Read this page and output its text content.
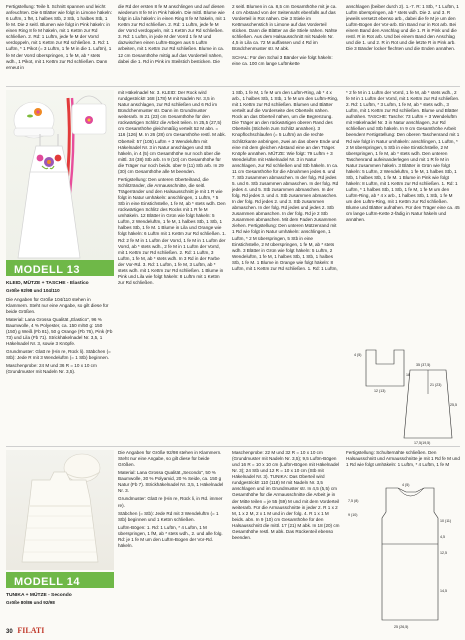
Fertigstellung: Teile lt. Schnitt spannen und leicht anfeuchten. Die 6 Blätter wie folgt in Limone häkeln: 6 Luftm, 1 fM, 1 halbes Stb, 2 Stb, 1 halbes Stb, 1 fe M. Die 2 seitl. Blumen wie folgt in Pink häkeln: in einen Ring 8 fe M häkeln, mit 1 Kettm zur Rd schließen. 2. Rd: 1 Luftm, jede fe M der Vorrd verdoppeln, mit 1 Kettm zur Rd schließen. 3. Rd: 1 Luftm, * 1 Pikot (= 3 Luftm, 1 fe M in die 1. Luftm), 1 fe M der Vorrd überspringen, 1 fe M, ab * stets wdh., 1 Pikot, mit 1 Kettm zur Rd schließen. Dann erneut in

die Rd der ersten 8 fe M anschlingen und auf diesen wiederum 8 fe M in Pink häkeln. Die mittl. Blume wie folgt in Lila häkeln: in einen Ring 8 fe M häkeln, mit 1 Kettm zur Rd schließen. 2. Rd: 1 Luftm, jede fe M der Vorrd verdoppeln, mit 1 Kettm zur Rd schließen. 3. Rd: 1 Luftm, in jede M der Vorrd 1 fe M und dazwischen einen Luftm-Bogen aus 5 Luftm arbeiten, mit 1 Kettm zur Rd schließen. Blume in ca. 12 cm Gesamthöhe mittig auf das Vorderteil nähen, dabei die 1. Rd in Pink im Steilstich besticken. Die

2 seitl. Blumen in ca. 8,5 cm Gesamthöhe mit je ca. 4 cm Abstand von der Seitennaht ebenfalls auf das Vorderteil in Rot nähen. Die 3 Stiele im Kettmaschenstich in Limone auf das Vorderteil sticken. Dann die Blätter an die Stiele nähen. Nähte schließen. Aus dem Halsausschnitt mit Nadeln Nr. 4,5 in Lila ca. 72 M auffassen und 4 Rd im Bündchenmuster str. M abk.

SCHAL: Für den Schal 3 Bänder wie folgt häkeln: eine ca. 100 cm lange Luftmkette

anschlagen (beiber durch 2). 1.-7. R: 1 Stb, * 1 Luftm, 1 Luftm überspringen, ab * stets wdh. Die 2. und 3. R jeweils versetzt ebenso arb., dabei die fe M je um den Luftm-Bogen der Vor-arb. Ein Band nur in Rot arb. Bei einem Band den Anschlag und die 1. R in Pink und die restl. R in Rot arb. Und bei einem Band den Anschlag und die 1. und 2. R in Rot und die letzte R in Pink arb. Die 3 Bänder locker flechten und die Enden annähen.

MODELL 13
KLEID, MÜTZE + TASCHE - Elastico

Größe 92/98 und 104/110

Die Angaben für Größe 104/110 stehen in Klammern. Steht nur eine Angabe, so gilt diese für beide Größen.

Material: Lana Grossa Qualität „Elastico", 96 % Baumwolle, 4 % Polyester, ca. 150 m/50 g: 150 (150) g Weiß (Fb 81), 50 g Orange (Fb 76), Pink (Fb 73) und Lila (Fb 71). Strickhäkelnadel Nr. 3,5, 1 Häkelnadel Nr. 3, sowie 3 Knöpfe.

Grundmuster: Glatt re (Hin re, Rück li). Stäbchen (= Stb): Jede R mit 3 Wendeluftm (= 1 Stb) beginnen.

Maschenprobe: 24 M und 36 R = 10 x 10 cm (Grundmuster mit Nadeln Nr. 3,5).

mit Häkelnadel Nr. 3. KLEID: Der Rock wird rundgestrickt! 168 (178) M mit Nadeln Nr. 3,5 in Natur anschlagen, zur Rd schließen und 6 Rd im Bündchenmuster str. Dann im Grundmuster weiterarb. In 21 (23) cm Gesamthöhe für den rückwärtigen Schlitz die Arbeit teilen. In 25,5 (27,5) cm Gesamthöhe gleichmäßig verteilt 52 M abn. = 116 (126) M. In 26 (28) cm Gesamthöhe restl. M abk. Oberteil: 57 (105) Luftm + 3 Wendeluftm mit Häkelnadel Nr. 3 in Natur anschlagen und Stb häkeln, in 4 (5) cm Gesamthöhe nur noch über die mittl. 34 (38) Stb arb. In 9 (10) cm Gesamthöhe für die Träger nur noch beids. über 9 (11) Stb arb. In 29 (30) cm Gesamthöhe alle M beenden.

Fertigstellung: Den unteren Oberteilrand, die Schlitzränder, die Armausschnitte, die seitl. Trägerränder und den Halsausschnitt je mit 1 R wie folgt in Natur umhäkeln: anschlingen, 1 Luftm, * 5 Stb in eine Einstichstelle, 1 fe M, ab * stets wdh. Den rückwärtigen Schlitz des Rocks mit 1 R fe M umhäkeln. 12 Blätter in Grün wie folgt häkeln: 5 Luftm, 2 Wendeluftm, 1 fe M, 1 halbes Stb, 1 Stb, 1 halbes Stb, 1 fe M. 1 Blume in Lila und Orange wie folgt häkeln: 6 Luftm mit 1 Kettm zur Rd schließen. 1. Rd: 2 fe M in 1 Luftm der Vorrd, 1 fe M in 1 Luftm der Vorrd, ab * stets wdh., 2 fe M in 1 Luftm der Vorrd, mit 1 Kettm zur Rd schließen. 2. Rd: 1 Luftm, 3 Luftm, 1 fe M, ab * stets wdh. In 3 Rd in der Farbe der Vor-Rd. 3. Rd: 1 Luftm, 1 fe M, 3 Luftm, ab * stets wdh. mit 1 Kettm zur Rd schließen. 1 Blume in Pink und Lila wie folgt häkeln: 8 Luftm mit 1 Kettm zur Rd schließen.

1 Stb, 1 fe M, 1 fe M um den Luftm-Ring, ab * 4 x arb., 1 halbes Stb, 1 Stb, 1 fe M um den Luftm-Ring, mit 1 Kettm zur Rd schließen. Blumen und Blätter verteilt auf die Vorderseite des Oberteils nähen. Rock an das Oberteil nähen, um die Begrenzung. Die Träger an den rückwärtigen oberen Rand des Oberteils (Sticheln zum Schlitz annähen). 3 Knopflochschlaufen (= 5 Luftm) an die rechte Schlitzkante anbringen, zwei an das obere Ende und eine mit dem gleichen Abstand eine an den Träger. Knöpfe annähen. MÜTZE: Wie folgt: 79 Luftm + 3 Wendeluftm mit Häkelnadel Nr. 3 in Natur anschlagen, zur Rd schließen und Stb häkeln. In ca. 11 cm Gesamthöhe für die Abnahmen jedes 6. und 7. Stb zusammen abmaschen. In der folg. Rd jedes 5. und 6. Stb zusammen abmaschen. In der folg. Rd jedes 4. und 5. Stb zusammen abmaschen. In der folg. Rd jedes 3. und 4. Stb zusammen abmaschen. In der folg. Rd jedes 2. und 3. Stb zusammen abmaschen. In der folg. Rd jedes und jedes 2. Stb zusammen abmaschen. In der folg. Rd je 2 Stb zusammen abmaschen. Mit dem Faden zusammen ziehen. Fertigstellung: Den unteren Mützenrand mit 1 Rd wie folgt in Natur umhäkeln: anschlingen, 1 Luftm, * 2 M überspringen, 5 Stb in eine Einstichstelle, 2 M überspringen, 1 fe M, ab * stets wdh. 3 Blätter in Grün wie folgt häkeln: 5 Luftm, 2 Wendeluftm, 1 fe M, 1 halbes Stb, 1 Stb, 1 halbes Stb, 1 fe M. 1 Blume in Orange wie folgt häkeln: 8 Luftm, mit 1 Kettm zur Rd schließen. 1. Rd: 1 Luftm,

* 2 fe M in 1 Luftm der Vorrd, 1 fe M, ab * stets wdh., 2 fe M in 1 Luftm der Vorrd, mit 1 Kettm zur Rd schließen. 2. Rd: 1 Luftm, * 3 Luftm, 1 fe M, ab * stets wdh., 3 Luftm, mit 1 Kettm zur Rd schließen. Blume und Blätter aufnähen. TASCHE: Tasche: 73 Luftm + 3 Wendeluftm mit Häkelnadel Nr. 3 in Natur anschlagen, zur Rd schließen und Stb häkeln. In 9 cm Gesamthöhe Arbeit beenden! Fertigstellung: Den oberen Taschenrand mit 1 Rd wie folgt in Natur umhäkeln: anschlingen, 1 Luftm, * 2 M überspringen, 5 Stb in eine Einstichstelle, 2 M überspringen, 1 fe M, ab * stets wdh. Den unteren Taschenrand aufeinanderlegen und mit 1 R fe M in Natur zusammen häkeln. 3 Blätter in Grün wie folgt häkeln: 5 Luftm, 2 Wendeluftm, 1 fe M, 1 halbes Stb, 1 Stb, 1 halbes Stb, 1 fe M. 1 Blume in Pink wie folgt häkeln: 8 Luftm, mit 1 Kettm zur Rd schließen. 1. Rd: 1 Luftm, * 1 halbes Stb, 1 Stb, 1 fe M, 1 fe M um den Luftm-Ring, ab * 4 x arb., 1 halbes Stb, 1 Stb, 1 fe M um den Luftm-Ring, mit 1 Kettm zur Rd schließen. Blume und Blätter aufnähen. Für den Träger eine ca. 45 cm lange Luftm-Kette 2-fädig in Natur häkeln und annähen.

12 (13)
4 (5)
18
25,5
21 (23)
17,5(19,5)
35 (37,5)
MODELL 14
TUNIKA + MÜTZE - Secondo

Größe 80/86 und 92/98

Die Angaben für Größe 92/98 stehen in Klammern. Steht nur eine Angabe, so gilt diese für beide Größen.

Material: Lana Grossa Qualität „Secondo", 50 % Baumwolle, 30 % Polyamid, 20 % Seide, ca. 150 g Natur (Fb 7). Strickhäkelnadel Nr. 3,5, 1 Häkelnadel Nr. 3.

Grundmuster: Glatt re (Hin re, Rück li, in Rd. immer re).

Stäbchen (= Stb): Jede Rd mit 3 Wendeluftm (= 1 Stb) beginnen und 1 Kettm schließen.

Luftm-Bögen: 1. Rd: 1 Luftm, * 4 Luftm, 1 M überspringen, 1 fM, ab * stets wdh., 2. und alle folg. Rd: je 1 fe M um den Luftm-Bogen der Vor-Rd. häkeln.

Maschenprobe: 22 M und 32 R = 10 x 10 cm (Grundmuster mit Nadeln Nr. 3,5); 9,5 Luftm-Bögen und 16 R = 10 x 10 cm (Luftm-Bögen mit Häkelnadel Nr. 3); 24 Stb und 12 R = 10 x 10 cm (Stb mit Häkelnadel Nr. 3). TUNIKA: Das Oberteil wird rundgestrickt! 110 (118) M mit Nadeln Nr. 3,5 anschlagen und im Grundmuster str. In 4,5 (5,5) cm Gesamthöhe für die Armausschnitte die Arbeit je in der Mitte teilen = je 55 (59) M und mit dem Vorderteil weiterarb. Für die Armausschnitte in jeder 2. R 1 x 2 M, 1 x 2 M, 2 x 1 M und in der folg. 4. R 1 x 1 M beids. abn. In 9 (10) cm Gesamthöhe für den Halsausschnitt die mittl. 17 (21) M abk. In 18 (20) cm Gesamthöhe restl. M abk. Das Rückenteil ebenso beenden.

Fertigstellung: Schulternähte schließen. Den Halsausschnitt und Armausschnitte je mit 1 Rd fe M und 1 Rd wie folgt umhäkeln: 1 Luftm, * 4 Luftm, 1 fe M

4 (5)
7,5 (8)
9 (10)
10 (11)
4,5
12,5
25 (26,5)
14,5
30 FILATI
